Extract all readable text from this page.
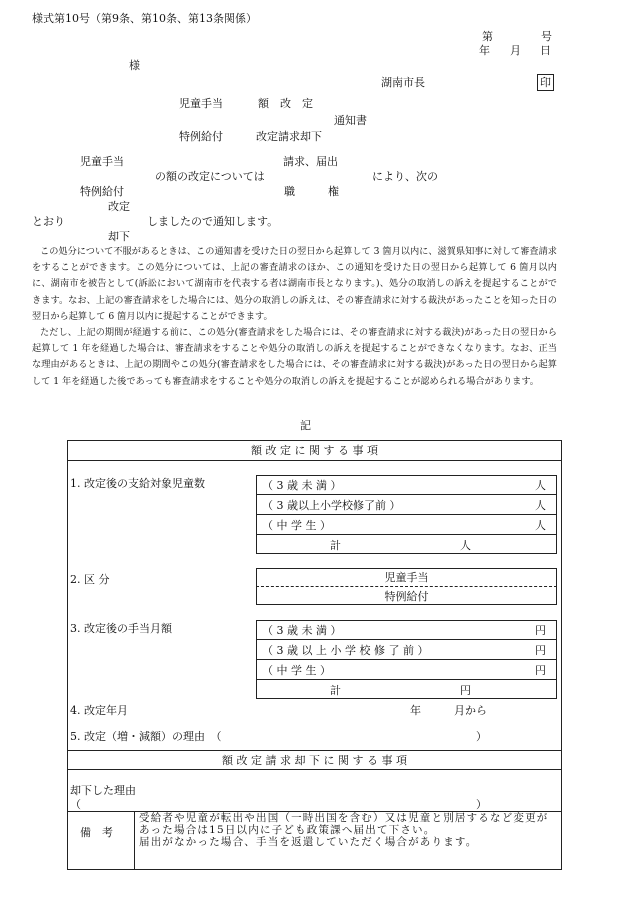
様式第10号（第9条、第10条、第13条関係）
第	号
年 月 日
様
湖南市長	印
児童手当	額　改　定
通知書
特例給付	改定請求却下
児童手当	請求、届出
の額の改定については	により、次の
特例給付	職　　　権
改定
とおり	しましたので通知します。
却下
この処分について不服があるときは、この通知書を受けた日の翌日から起算して 3 箇月以内に、滋賀県知事に対して審査請求をすることができます。この処分については、上記の審査請求のほか、この通知を受けた日の翌日から起算して 6 箇月以内に、湖南市を被告として(訴訟において湖南市を代表する者は湖南市長となります。)、処分の取消しの訴えを提起することができます。なお、上記の審査請求をした場合には、処分の取消しの訴えは、その審査請求に対する裁決があったことを知った日の翌日から起算して 6 箇月以内に提起することができます。
ただし、上記の期間が経過する前に、この処分(審査請求をした場合には、その審査請求に対する裁決)があった日の翌日から起算して 1 年を経過した場合は、審査請求をすることや処分の取消しの訴えを提起することができなくなります。なお、正当な理由があるときは、上記の期間やこの処分(審査請求をした場合には、その審査請求に対する裁決)があった日の翌日から起算して 1 年を経過した後であっても審査請求をすることや処分の取消しの訴えを提起することが認められる場合があります。
記
額 改 定 に 関 す る 事 項
1. 改定後の支給対象児童数	（ 3 歳 未 満 ）	人
（ 3 歳以上小学校修了前 ）	人
（ 中 学 生 ）	人
計	人
2. 区 分	児童手当
特例給付
3. 改定後の手当月額	（ 3 歳 未 満 ）	円
（ 3 歳 以 上 小 学 校 修 了 前 ）	円
（ 中 学 生 ）	円
計	円
4. 改定年月	年　　　月から
5. 改定（増・減額）の理由　（	）
額 改 定 請 求 却 下 に 関 す る 事 項
却下した理由
（	）
備　考
受給者や児童が転出や出国（一時出国を含む）又は児童と別居するなど変更があった場合は15日以内に子ども政策課へ届出て下さい。
届出がなかった場合、手当を返還していただく場合があります。
